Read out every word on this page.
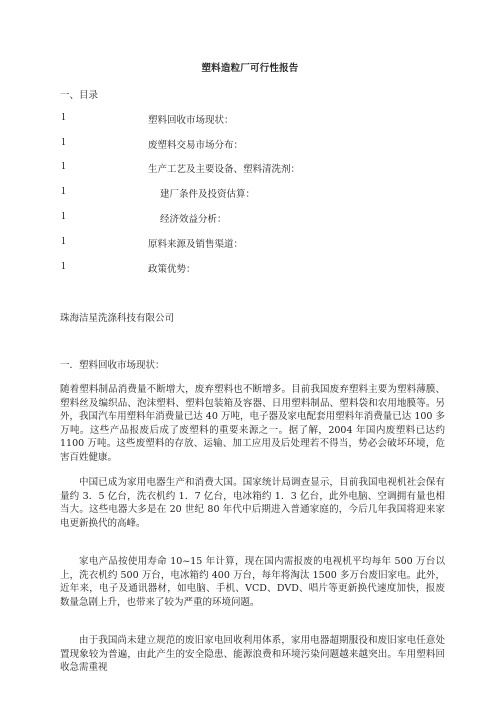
塑料造粒厂可行性报告
一、目录
l	塑料回收市场现状：
l	废塑料交易市场分布：
l	生产工艺及主要设备、塑料清洗剂：
l	建厂条件及投资估算：
l	经济效益分析：
l	原料来源及销售渠道：
l	政策优势：
珠海洁星洗涤科技有限公司
一．塑料回收市场现状：

随着塑料制品消费量不断增大，废弃塑料也不断增多。目前我国废弃塑料主要为塑料薄膜、塑料丝及编织品、泡沫塑料、塑料包装箱及容器、日用塑料制品、塑料袋和农用地膜等。另外，我国汽车用塑料年消费量已达 40 万吨，电子器及家电配套用塑料年消费量已达 100 多万吨。这些产品报废后成了废塑料的重要来源之一。据了解，2004 年国内废塑料已达约 1100 万吨。这些废塑料的存放、运输、加工应用及后处理若不得当，势必会破坏环境，危害百姓健康。

中国已成为家用电器生产和消费大国。国家统计局调查显示，目前我国电视机社会保有量约 3．5 亿台，洗衣机约 1．7 亿台，电冰箱约 1．3 亿台，此外电脑、空调拥有量也相当大。这些电器大多是在 20 世纪 80 年代中后期进入普通家庭的，今后几年我国将迎来家电更新换代的高峰。

家电产品按使用寿命 10~15 年计算，现在国内需报废的电视机平均每年 500 万台以上，洗衣机约 500 万台，电冰箱约 400 万台，每年将淘汰 1500 多万台废旧家电。此外，近年来，电子及通讯器材，如电脑、手机、VCD、DVD、唱片等更新换代速度加快，报废数量急剧上升，也带来了较为严重的环境问题。

由于我国尚未建立规范的废旧家电回收利用体系，家用电器超期服役和废旧家电任意处置现象较为普遍，由此产生的安全隐患、能源浪费和环境污染问题越来越突出。车用塑料回收急需重视
